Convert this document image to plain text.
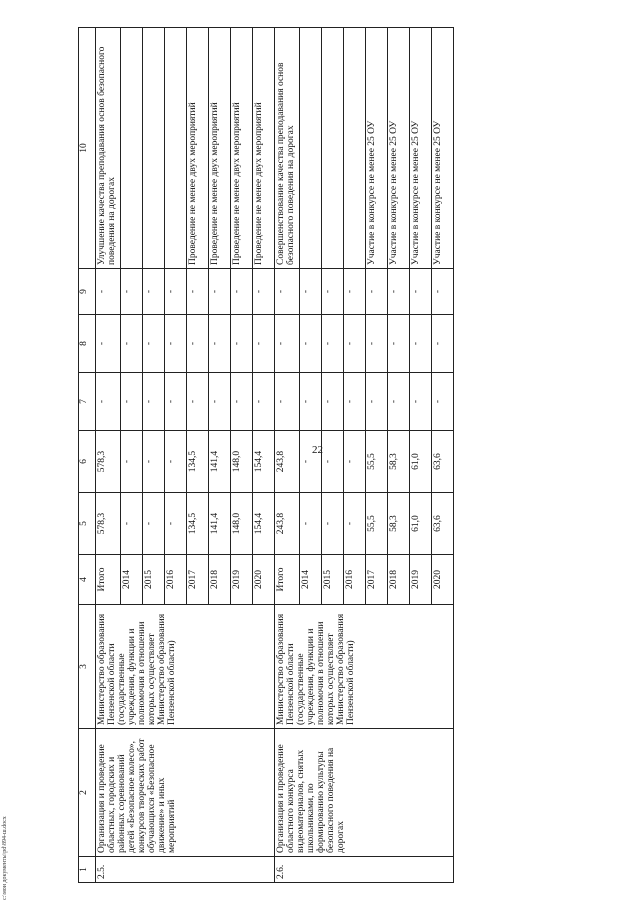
22
1	2	3	4	5	6	7	8	9	10
2.5.	Организация и проведение областных, городских и районных соревнований детей «Безопасное колесо», конкурсов творческих работ обучающихся «Безопасное движение» и иных мероприятий	Министерство образования Пензенской области (государственные учреждения, функции и полномочия в отношении которых осуществляет Министерство образования Пензенской области)	Итого	578,3	578,3	-	-	-	Улучшение качества преподавания основ безопасного поведения на дорогах
			2014	-	-	-	-	-	
			2015	-	-	-	-	-	
			2016	-	-	-	-	-	
			2017	134,5	134,5	-	-	-	Проведение не менее двух мероприятий
			2018	141,4	141,4	-	-	-	Проведение не менее двух мероприятий
			2019	148,0	148,0	-	-	-	Проведение не менее двух мероприятий
			2020	154,4	154,4	-	-	-	Проведение не менее двух мероприятий
2.6.	Организация и проведение областного конкурса видеоматериалов, снятых школьниками, по формированию культуры безопасного поведения на дорогах	Министерство образования Пензенской области (государственные учреждения, функции и полномочия в отношении которых осуществляет Министерство образования Пензенской области)	Итого	243,8	243,8	-	-	-	Совершенствование качества преподавания основ безопасного поведения на дорогах
			2014	-	-	-	-	-	
			2015	-	-	-	-	-	
			2016	-	-	-	-	-	
			2017	55,5	55,5	-	-	-	Участие в конкурсе не менее 25 ОУ
			2018	58,3	58,3	-	-	-	Участие в конкурсе не менее 25 ОУ
			2019	61,0	61,0	-	-	-	Участие в конкурсе не менее 25 ОУ
			2020	63,6	63,6	-	-	-	Участие в конкурсе не менее 25 ОУ
c:\мои документы\pd\894-ш.docx
